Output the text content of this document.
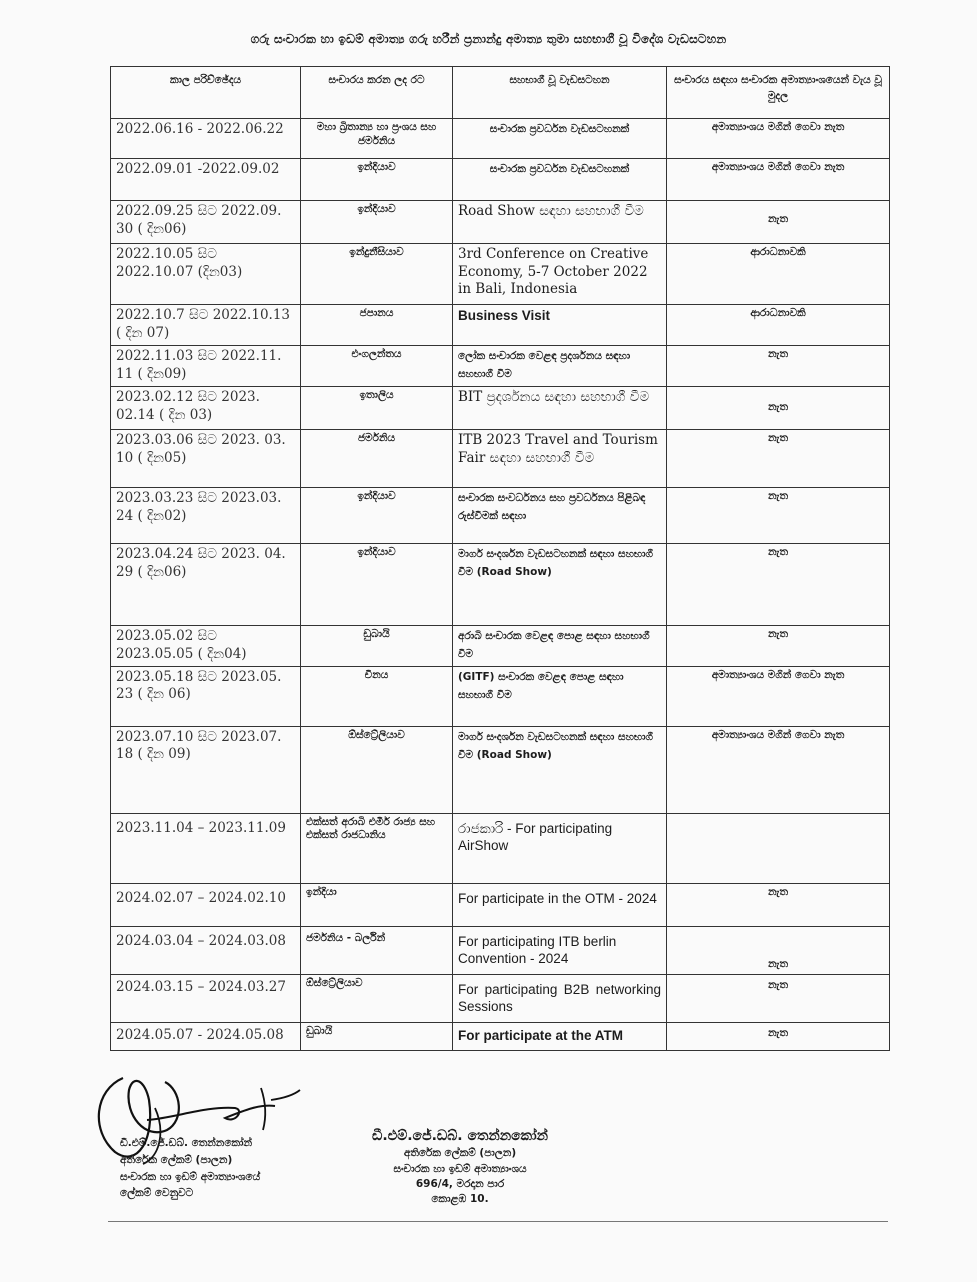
ගරු සංචාරක හා ඉඩම් අමාත්‍ය ගරු හරීන් ප්‍රනාන්දු අමාත්‍ය තුමා සහභාගී වූ විදේශ වැඩසටහන
කාල පරිච්ඡේදය	සංචාරය කරන ලද රට	සහභාගී වූ වැඩසටහන	සංචාරය සඳහා සංචාරක අමාත්‍යාංශයෙන් වැය වූ මුදල
2022.06.16 - 2022.06.22	මහා බ්‍රිතාන්‍ය හා ප්‍රංශය සහ ජර්මනිය	සංචාරක ප්‍රවර්ධන වැඩසටහනක්	අමාත්‍යාංශය මගින් ගෙවා නැත
2022.09.01 -2022.09.02	ඉන්දියාව	සංචාරක ප්‍රවර්ධන වැඩසටහනක්	අමාත්‍යාංශය මගින් ගෙවා නැත
2022.09.25 සිට 2022.09. 30 ( දින06)	ඉන්දියාව	Road Show සඳහා සහභාගී වීම	නැත
2022.10.05 සිට 2022.10.07 (දින03)	ඉන්දුනීසියාව	3rd Conference on Creative Economy, 5-7 October 2022 in Bali, Indonesia	ආරාධනාවකි
2022.10.7 සිට 2022.10.13 ( දින 07)	ජපානය	Business Visit	ආරාධනාවකි
2022.11.03 සිට 2022.11. 11 ( දින09)	එංගලන්තය	ලෝක සංචාරක වෙළඳ ප්‍රදර්ශනය සඳහා සහභාගී වීම	නැත
2023.02.12 සිට 2023. 02.14 ( දින 03)	ඉතාලිය	BIT ප්‍රදර්ශනය සඳහා සහභාගී වීම	නැත
2023.03.06 සිට 2023. 03. 10 ( දින05)	ජර්මනිය	ITB 2023 Travel and Tourism Fair සඳහා සහභාගී වීම	නැත
2023.03.23 සිට 2023.03. 24 ( දින02)	ඉන්දියාව	සංචාරක සංවර්ධනය සහ ප්‍රවර්ධනය පිළිබඳ රුස්වීමක් සඳහා	නැත
2023.04.24 සිට 2023. 04. 29 ( දින06)	ඉන්දියාව	මාර්ග සංදර්ශන වැඩසටහනක් සඳහා සහභාගී වීම (Road Show)	නැත
2023.05.02 සිට 2023.05.05 ( දින04)	ඩුබායි	අරාබි සංචාරක වෙළඳ පොළ සඳහා සහභාගී වීම	නැත
2023.05.18 සිට 2023.05. 23 ( දින 06)	චීනය	(GITF) සංචාරක වෙළඳ පොළ සඳහා සහභාගී වීම	අමාත්‍යාංශය මගින් ගෙවා නැත
2023.07.10 සිට 2023.07. 18 ( දින 09)	ඕස්ට්‍රේලියාව	මාර්ග සංදර්ශන වැඩසටහනක් සඳහා සහභාගී වීම (Road Show)	අමාත්‍යාංශය මගින් ගෙවා නැත
2023.11.04 – 2023.11.09	එක්සත් අරාබි එමීර් රාජ්‍ය සහ එක්සත් රාජධානිය	රාජකාරි - For participating AirShow	
2024.02.07 – 2024.02.10	ඉන්දියා	For participate in the OTM - 2024	නැත
2024.03.04 – 2024.03.08	ජර්මනිය - බර්ලින්	For participating ITB berlin Convention - 2024	නැත
2024.03.15 – 2024.03.27	ඕස්ට්‍රේලියාව	For participating B2B networking Sessions	නැත
2024.05.07 - 2024.05.08	ඩුබායි	For participate at the ATM	නැත
ඩී.එම්.ජේ.ඩබ්. තෙන්නකෝන්
අතිරේක ලේකම් (පාලන)
සංචාරක හා ඉඩම් අමාත්‍යාංශයේ
ලේකම් වෙනුවට
ඩී.එම්.ජේ.ඩබ්. තෙන්නකෝන්
අතිරේක ලේකම් (පාලන)
සංචාරක හා ඉඩම් අමාත්‍යාංශය
696/4, මරදාන පාර
කොළඹ 10.
